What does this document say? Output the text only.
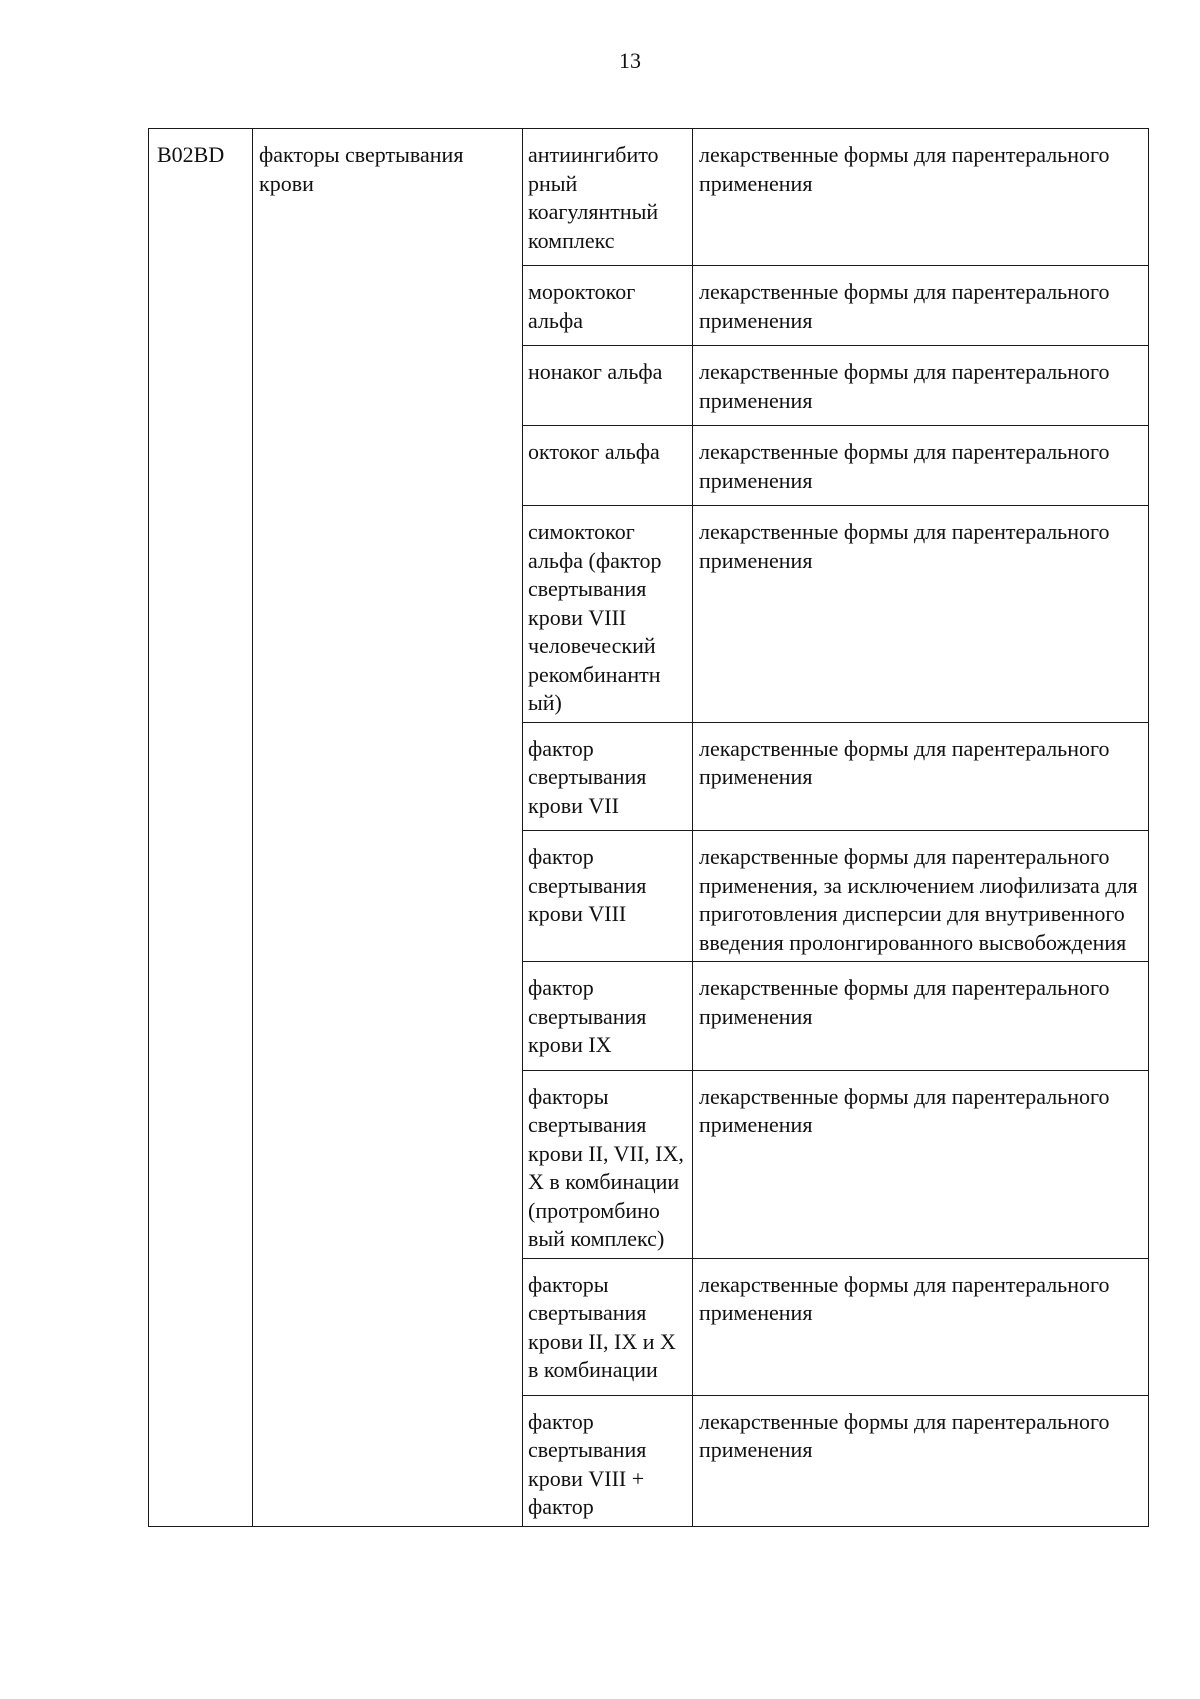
13
B02BD	факторы свертывания крови	антиингибито рный коагулянтный комплекс	лекарственные формы для парентерального применения
		мороктоког альфа	лекарственные формы для парентерального применения
		нонаког альфа	лекарственные формы для парентерального применения
		октоког альфа	лекарственные формы для парентерального применения
		симоктоког альфа (фактор свертывания крови VIII человеческий рекомбинантн ый)	лекарственные формы для парентерального применения
		фактор свертывания крови VII	лекарственные формы для парентерального применения
		фактор свертывания крови VIII	лекарственные формы для парентерального применения, за исключением лиофилизата для приготовления дисперсии для внутривенного введения пролонгированного высвобождения
		фактор свертывания крови IX	лекарственные формы для парентерального применения
		факторы свертывания крови II, VII, IX, X в комбинации (протромбино вый комплекс)	лекарственные формы для парентерального применения
		факторы свертывания крови II, IX и X в комбинации	лекарственные формы для парентерального применения
		фактор свертывания крови VIII + фактор	лекарственные формы для парентерального применения
